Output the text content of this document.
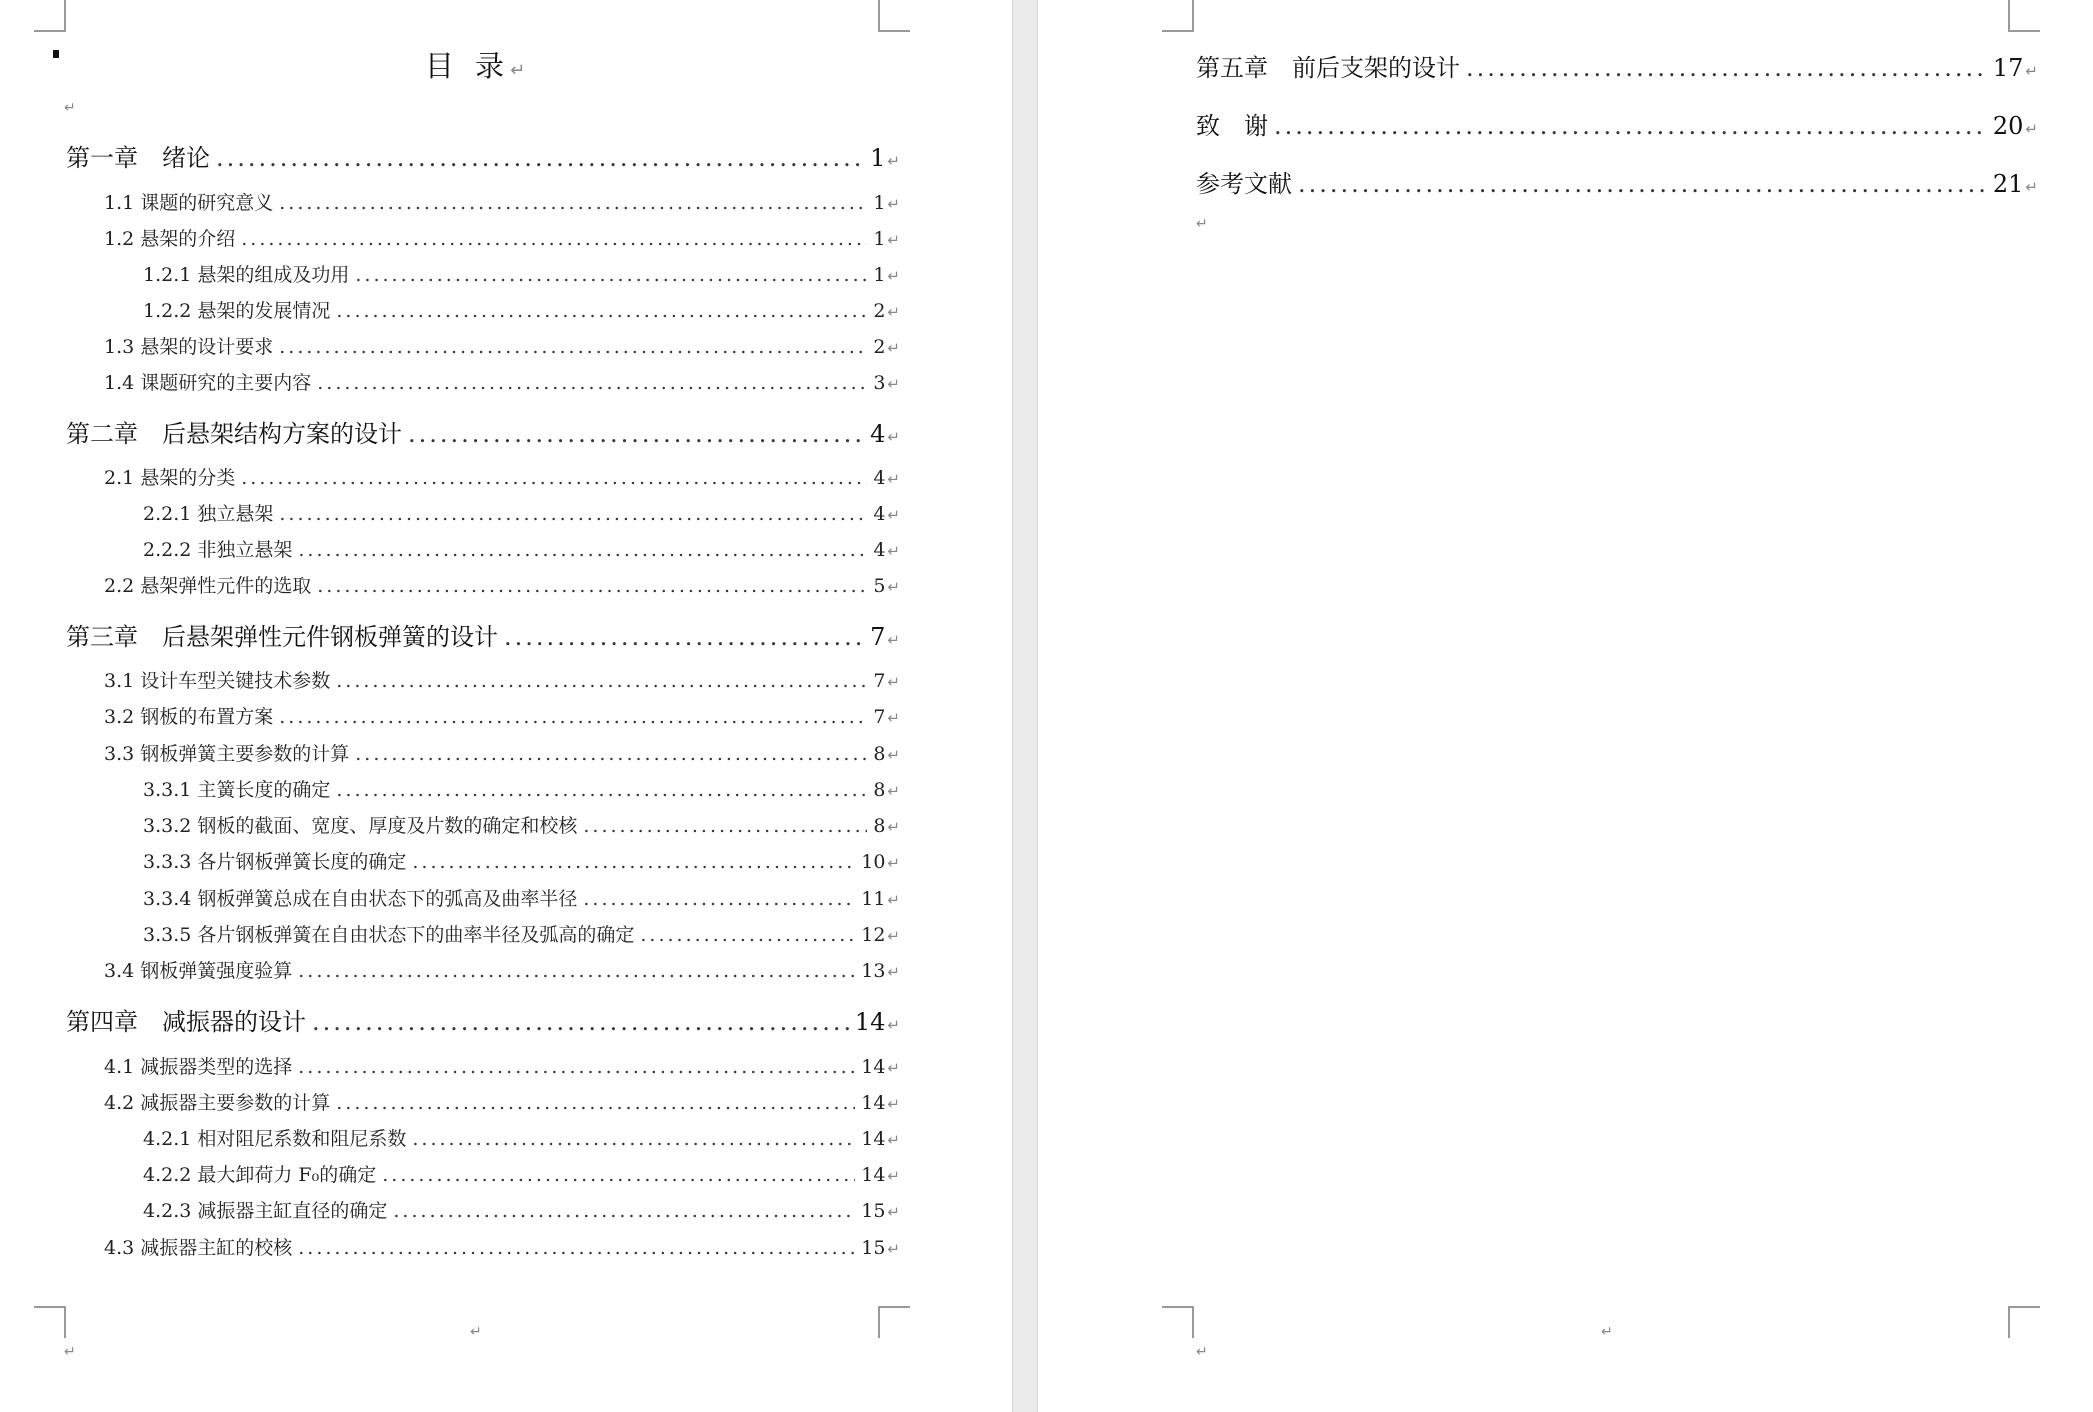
目 录↵
↵
第一章　绪论 .....	1 ↵
1.1 课题的研究意义 .....	1 ↵
1.2 悬架的介绍 .....	1 ↵
1.2.1 悬架的组成及功用 .....	1 ↵
1.2.2 悬架的发展情况 .....	2 ↵
1.3 悬架的设计要求 .....	2 ↵
1.4 课题研究的主要内容 .....	3 ↵
第二章　后悬架结构方案的设计 .....	4 ↵
2.1 悬架的分类 .....	4 ↵
2.2.1 独立悬架 .....	4 ↵
2.2.2 非独立悬架 .....	4 ↵
2.2 悬架弹性元件的选取 .....	5 ↵
第三章　后悬架弹性元件钢板弹簧的设计 .....	7 ↵
3.1 设计车型关键技术参数 .....	7 ↵
3.2 钢板的布置方案 .....	7 ↵
3.3 钢板弹簧主要参数的计算 .....	8 ↵
3.3.1 主簧长度的确定 .....	8 ↵
3.3.2 钢板的截面、宽度、厚度及片数的确定和校核 .....	8 ↵
3.3.3 各片钢板弹簧长度的确定 .....	10 ↵
3.3.4 钢板弹簧总成在自由状态下的弧高及曲率半径 .....	11 ↵
3.3.5 各片钢板弹簧在自由状态下的曲率半径及弧高的确定 .....	12 ↵
3.4 钢板弹簧强度验算 .....	13 ↵
第四章　减振器的设计 .....	14 ↵
4.1 减振器类型的选择 .....	14 ↵
4.2 减振器主要参数的计算 .....	14 ↵
4.2.1 相对阻尼系数和阻尼系数 .....	14 ↵
4.2.2 最大卸荷力 F₀的确定 .....	14 ↵
4.2.3 减振器主缸直径的确定 .....	15 ↵
4.3 减振器主缸的校核 .....	15 ↵
↵
↵
第五章　前后支架的设计 .....	17 ↵
致　谢 .....	20 ↵
参考文献 .....	21 ↵
↵
↵
↵
